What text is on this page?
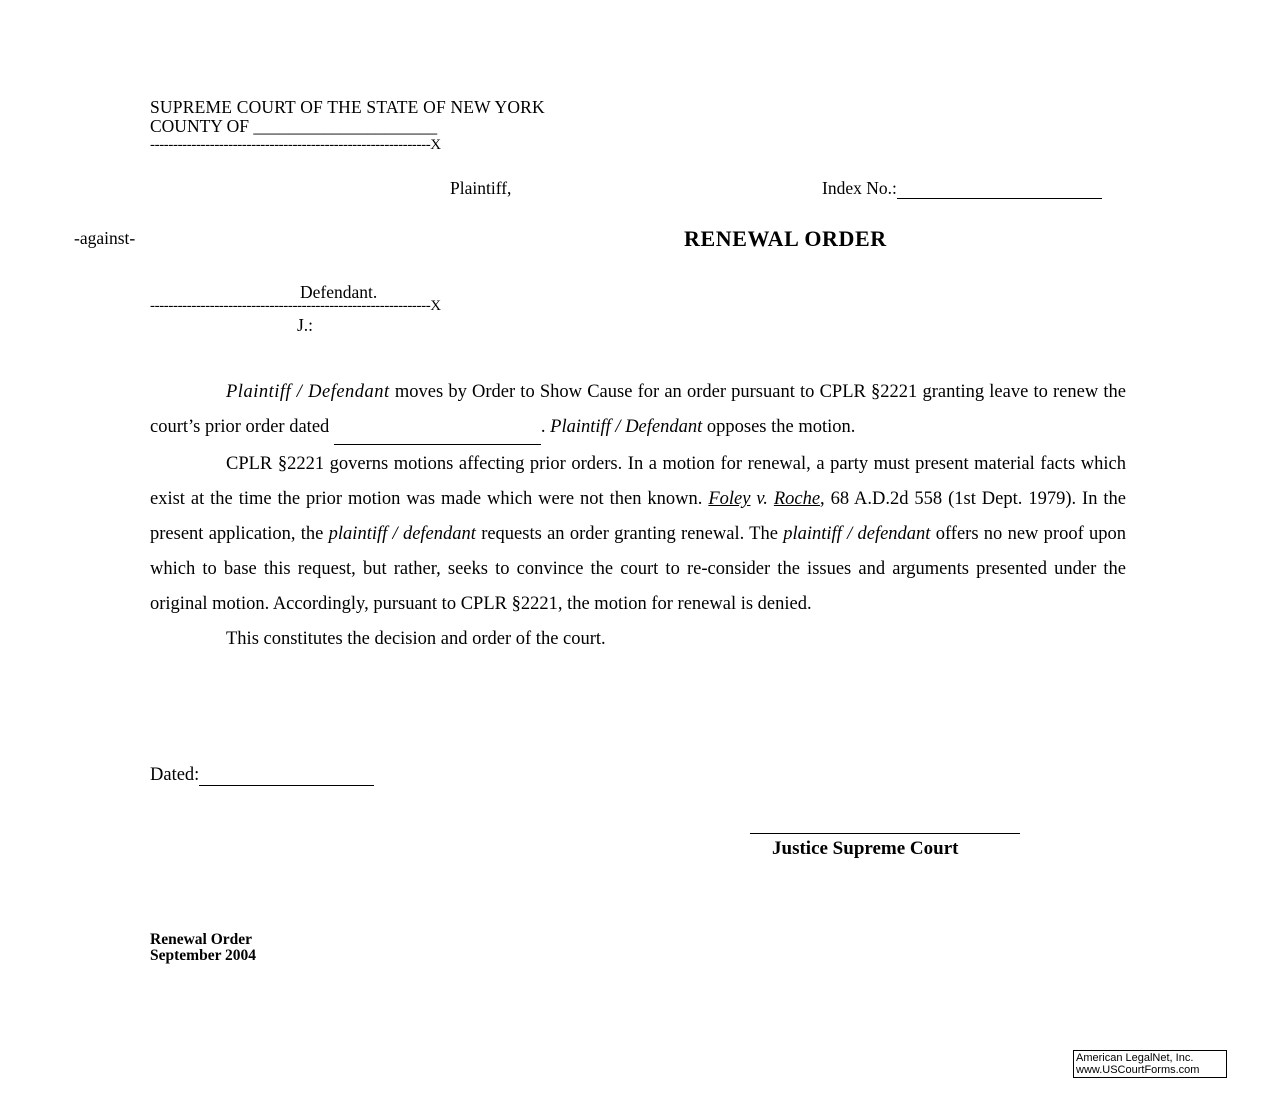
SUPREME COURT OF THE STATE OF NEW YORK
COUNTY OF _____________________
-------------------------------------------------------------X
Plaintiff,	Index No.:
-against-	RENEWAL ORDER
Defendant.
-------------------------------------------------------------X
J.:

Plaintiff / Defendant moves by Order to Show Cause for an order pursuant to CPLR §2221 granting leave to renew the court’s prior order dated	. Plaintiff / Defendant opposes the motion.

CPLR §2221 governs motions affecting prior orders. In a motion for renewal, a party must present material facts which exist at the time the prior motion was made which were not then known. Foley v. Roche, 68 A.D.2d 558 (1st Dept. 1979). In the present application, the plaintiff / defendant requests an order granting renewal. The plaintiff / defendant offers no new proof upon which to base this request, but rather, seeks to convince the court to re-consider the issues and arguments presented under the original motion. Accordingly, pursuant to CPLR §2221, the motion for renewal is denied.

This constitutes the decision and order of the court.

Dated:
Justice Supreme Court
Renewal Order
September 2004
American LegalNet, Inc.
www.USCourtForms.com
